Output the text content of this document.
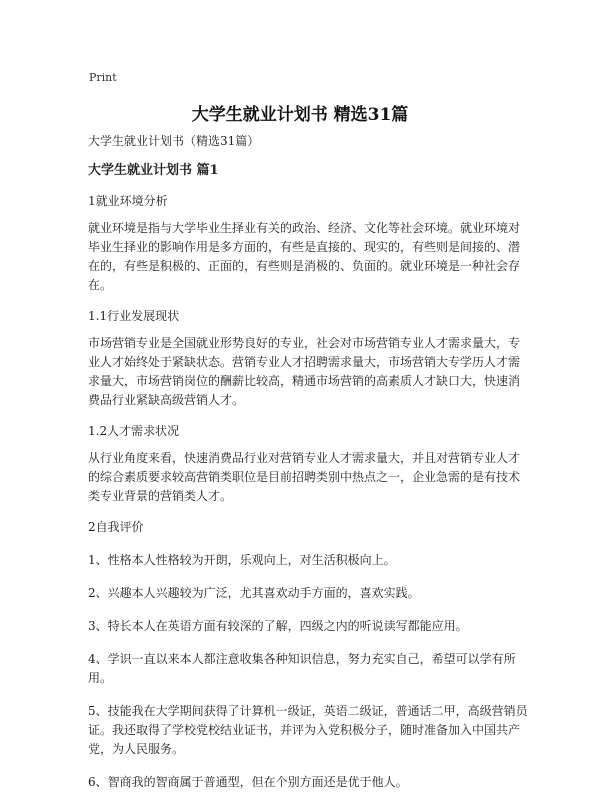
Print
大学生就业计划书 精选31篇

大学生就业计划书（精选31篇）

大学生就业计划书 篇1

1就业环境分析

就业环境是指与大学毕业生择业有关的政治、经济、文化等社会环境。就业环境对毕业生择业的影响作用是多方面的，有些是直接的、现实的，有些则是间接的、潜在的，有些是积极的、正面的，有些则是消极的、负面的。就业环境是一种社会存在。

1.1行业发展现状

市场营销专业是全国就业形势良好的专业，社会对市场营销专业人才需求量大，专业人才始终处于紧缺状态。营销专业人才招聘需求量大，市场营销大专学历人才需求量大，市场营销岗位的酬薪比较高，精通市场营销的高素质人才缺口大，快速消费品行业紧缺高级营销人才。

1.2人才需求状况

从行业角度来看，快速消费品行业对营销专业人才需求量大，并且对营销专业人才的综合素质要求较高营销类职位是目前招聘类别中热点之一，企业急需的是有技术类专业背景的营销类人才。

2自我评价

1、性格本人性格较为开朗，乐观向上，对生活积极向上。

2、兴趣本人兴趣较为广泛，尤其喜欢动手方面的，喜欢实践。

3、特长本人在英语方面有较深的了解，四级之内的听说读写都能应用。

4、学识一直以来本人都注意收集各种知识信息，努力充实自己，希望可以学有所用。

5、技能我在大学期间获得了计算机一级证，英语二级证，普通话二甲，高级营销员证。我还取得了学校党校结业证书，并评为入党积极分子，随时准备加入中国共产党，为人民服务。

6、智商我的智商属于普通型，但在个别方面还是优于他人。
